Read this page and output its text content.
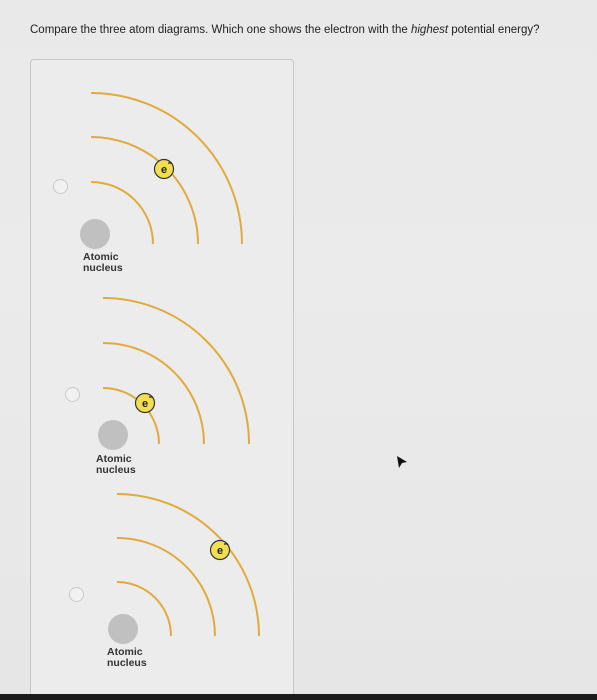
Compare the three atom diagrams. Which one shows the electron with the highest potential energy?
e
Atomic
nucleus
e
Atomic
nucleus
e
Atomic
nucleus
